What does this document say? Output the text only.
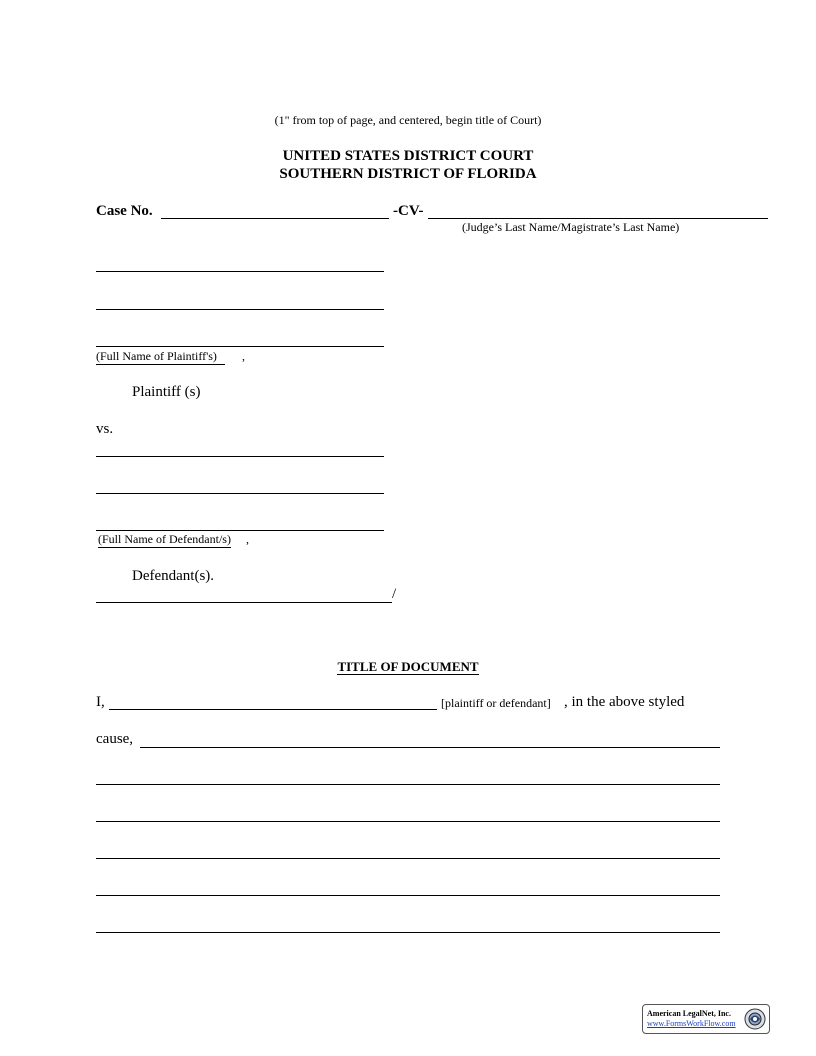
(1" from top of page, and centered, begin title of Court)
UNITED STATES DISTRICT COURT
SOUTHERN DISTRICT OF FLORIDA
Case No.	-CV-
(Judge’s Last Name/Magistrate’s Last Name)
(Full Name of Plaintiff's)	,
Plaintiff (s)
vs.
(Full Name of Defendant/s) ,
Defendant(s).
/
TITLE OF DOCUMENT
I,	[plaintiff or defendant] , in the above styled
cause,
American LegalNet, Inc.
www.FormsWorkFlow.com
